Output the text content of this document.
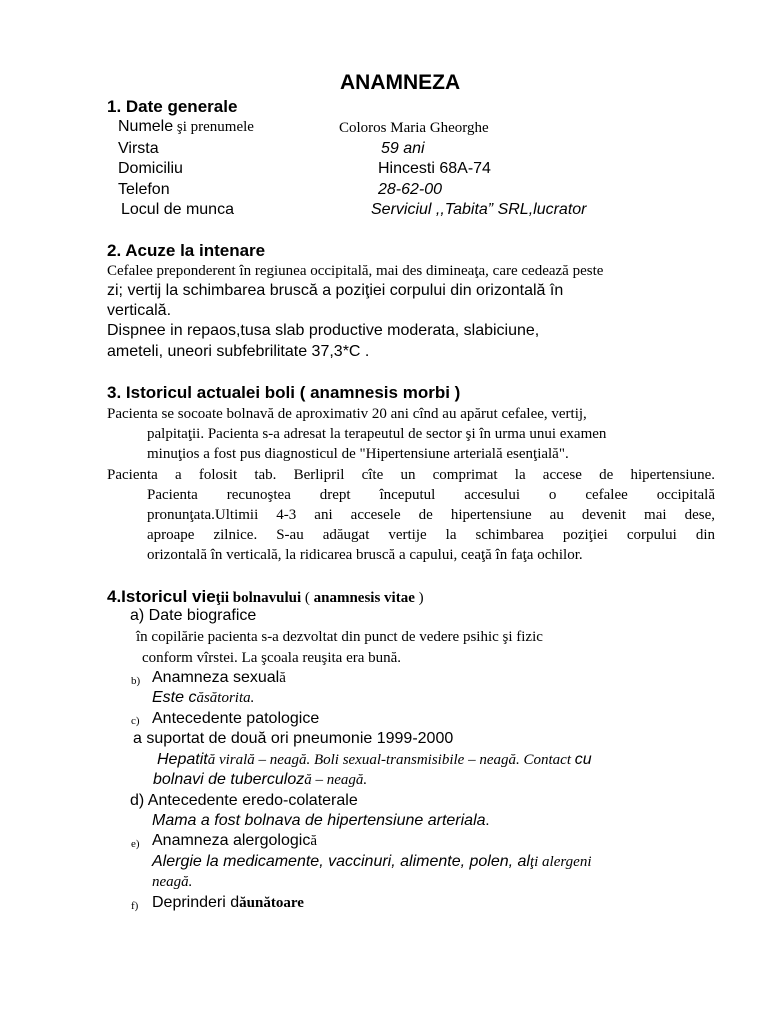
ANAMNEZA
1. Date generale
Numele şi prenumele	Coloros Maria Gheorghe
Virsta	59 ani
Domiciliu	Hincesti 68A-74
Telefon	28-62-00
Locul de munca	Serviciul ,,Tabita” SRL,lucrator
2. Acuze la intenare
Cefalee preponderent în regiunea occipitală, mai des dimineaţa, care cedează peste
zi; vertij la schimbarea bruscă a poziţiei corpului din orizontală în
verticală.
Dispnee in repaos,tusa slab productive moderata, slabiciune,
ameteli, uneori subfebrilitate 37,3*C .
3. Istoricul actualei boli ( anamnesis morbi )
Pacienta se socoate bolnavă de aproximativ 20 ani cînd au apărut cefalee, vertij,
palpitaţii. Pacienta s-a adresat la terapeutul de sector şi în urma unui examen
minuţios a fost pus diagnosticul de "Hipertensiune arterială esenţială".
Pacienta a folosit tab. Berlipril cîte un comprimat la accese de hipertensiune.
Pacienta recunoştea drept începutul accesului o cefalee occipitală
pronunţata.Ultimii 4-3 ani accesele de hipertensiune au devenit mai dese,
aproape zilnice. S-au adăugat vertije la schimbarea poziţiei corpului din
orizontală în verticală, la ridicarea bruscă a capului, ceaţă în faţa ochilor.
4.Istoricul vieţii bolnavului ( anamnesis vitae )
a) Date biografice
în copilărie pacienta s-a dezvoltat din punct de vedere psihic şi fizic
conform vîrstei. La şcoala reuşita era bună.
b) Anamneza sexuală
Este căsătorita.
c) Antecedente patologice
a suportat de două ori pneumonie 1999-2000
Hepatită virală – neagă. Boli sexual-transmisibile – neagă. Contact cu
bolnavi de tuberculoză – neagă.
d) Antecedente eredo-colaterale
Mama a fost bolnava de hipertensiune arteriala.
e) Anamneza alergologică
Alergie la medicamente, vaccinuri, alimente, polen, alţi alergeni
neagă.
f) Deprinderi dăunătoare
